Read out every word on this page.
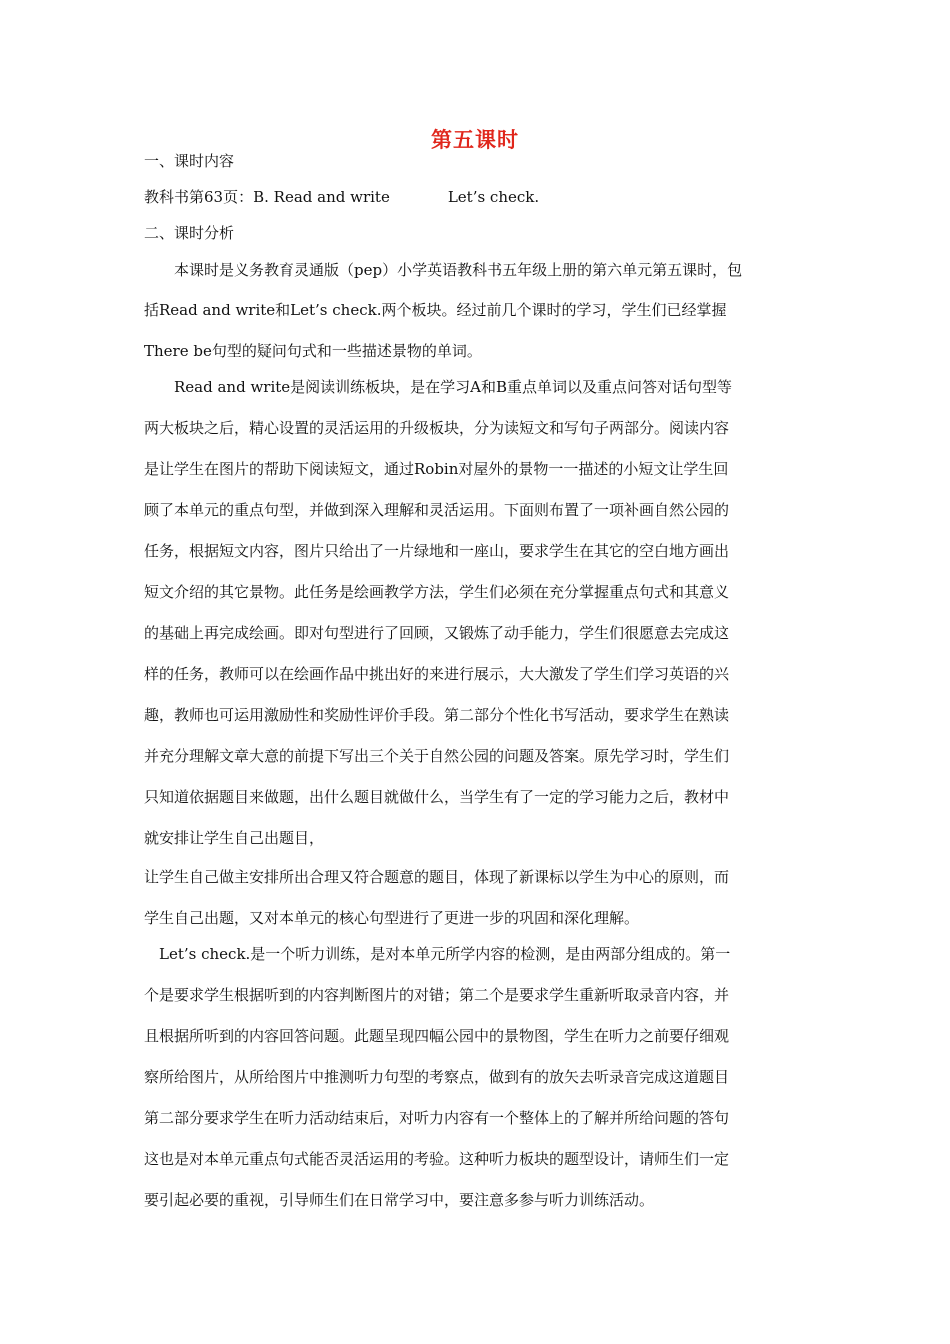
第五课时
一、课时内容
教科书第63页：B. Read and write	Let’s check.
二、课时分析
　　本课时是义务教育灵通版（pep）小学英语教科书五年级上册的第六单元第五课时，包
括Read and write和Let’s check.两个板块。经过前几个课时的学习，学生们已经掌握
There be句型的疑问句式和一些描述景物的单词。
　　Read and write是阅读训练板块，是在学习A和B重点单词以及重点问答对话句型等
两大板块之后，精心设置的灵活运用的升级板块，分为读短文和写句子两部分。阅读内容
是让学生在图片的帮助下阅读短文，通过Robin对屋外的景物一一描述的小短文让学生回
顾了本单元的重点句型，并做到深入理解和灵活运用。下面则布置了一项补画自然公园的
任务，根据短文内容，图片只给出了一片绿地和一座山，要求学生在其它的空白地方画出
短文介绍的其它景物。此任务是绘画教学方法，学生们必须在充分掌握重点句式和其意义
的基础上再完成绘画。即对句型进行了回顾，又锻炼了动手能力，学生们很愿意去完成这
样的任务，教师可以在绘画作品中挑出好的来进行展示，大大激发了学生们学习英语的兴
趣，教师也可运用激励性和奖励性评价手段。第二部分个性化书写活动，要求学生在熟读
并充分理解文章大意的前提下写出三个关于自然公园的问题及答案。原先学习时，学生们
只知道依据题目来做题，出什么题目就做什么，当学生有了一定的学习能力之后，教材中
就安排让学生自己出题目，
让学生自己做主安排所出合理又符合题意的题目，体现了新课标以学生为中心的原则，而
学生自己出题，又对本单元的核心句型进行了更进一步的巩固和深化理解。
　Let’s check.是一个听力训练，是对本单元所学内容的检测，是由两部分组成的。第一
个是要求学生根据听到的内容判断图片的对错；第二个是要求学生重新听取录音内容，并
且根据所听到的内容回答问题。此题呈现四幅公园中的景物图，学生在听力之前要仔细观
察所给图片，从所给图片中推测听力句型的考察点，做到有的放矢去听录音完成这道题目
第二部分要求学生在听力活动结束后，对听力内容有一个整体上的了解并所给问题的答句
这也是对本单元重点句式能否灵活运用的考验。这种听力板块的题型设计，请师生们一定
要引起必要的重视，引导师生们在日常学习中，要注意多参与听力训练活动。
